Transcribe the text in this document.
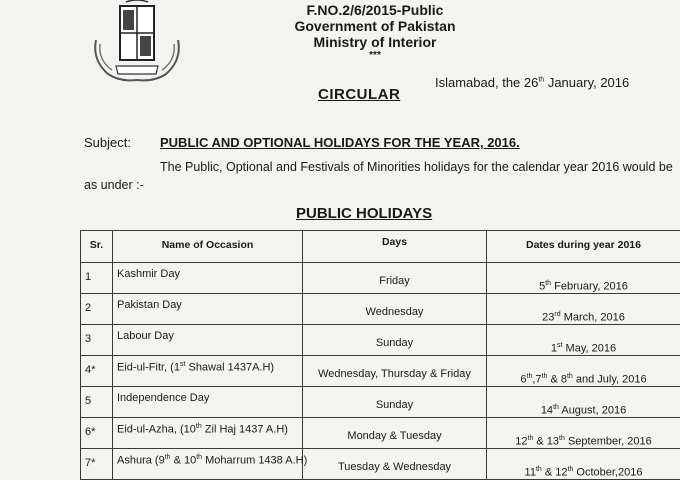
F.NO.2/6/2015-Public
Government of Pakistan
Ministry of Interior
***
Islamabad, the 26th January, 2016
CIRCULAR
Subject: PUBLIC AND OPTIONAL HOLIDAYS FOR THE YEAR, 2016.
The Public, Optional and Festivals of Minorities holidays for the calendar year 2016 would be
as under :-
PUBLIC HOLIDAYS
Sr.	Name of Occasion	Days	Dates during year 2016

1	Kashmir Day	Friday	5th February, 2016

2	Pakistan Day	Wednesday	23rd March, 2016

3	Labour Day	Sunday	1st May, 2016

4*	Eid-ul-Fitr, (1st Shawal 1437A.H)	Wednesday, Thursday & Friday	6th,7th & 8th and July, 2016

5	Independence Day	Sunday	14th August, 2016

6*	Eid-ul-Azha, (10th Zil Haj 1437 A.H)	Monday & Tuesday	12th & 13th September, 2016

7*	Ashura (9th & 10th Moharrum 1438 A.H)	Tuesday & Wednesday	11th & 12th October,2016
